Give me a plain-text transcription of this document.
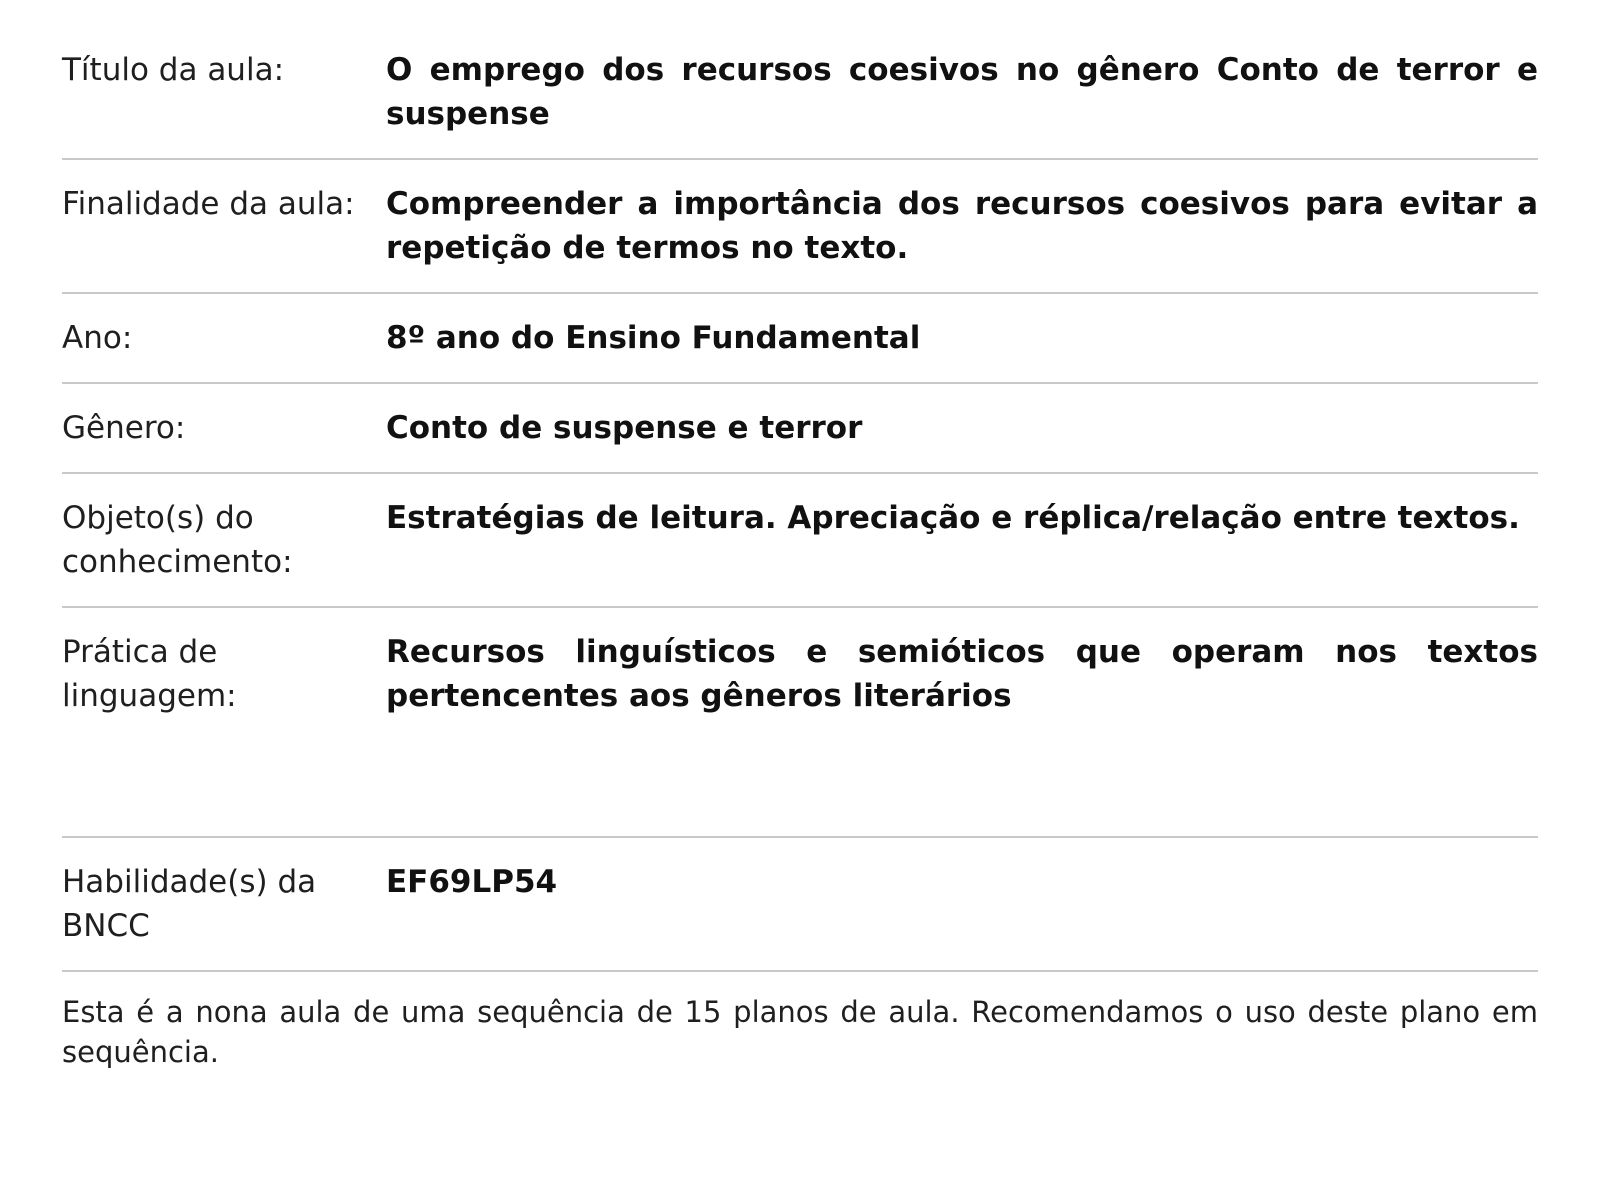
Título da aula:	O emprego dos recursos coesivos no gênero Conto de terror e suspense
Finalidade da aula:	Compreender a importância dos recursos coesivos para evitar a repetição de termos no texto.
Ano:	8º ano do Ensino Fundamental
Gênero:	Conto de suspense e terror
Objeto(s) do conhecimento:	Estratégias de leitura. Apreciação e réplica/relação entre textos.
Prática de linguagem:	Recursos linguísticos e semióticos que operam nos textos pertencentes aos gêneros literários

Habilidade(s) da BNCC	EF69LP54
Esta é a nona aula de uma sequência de 15 planos de aula. Recomendamos o uso deste plano em sequência.	
